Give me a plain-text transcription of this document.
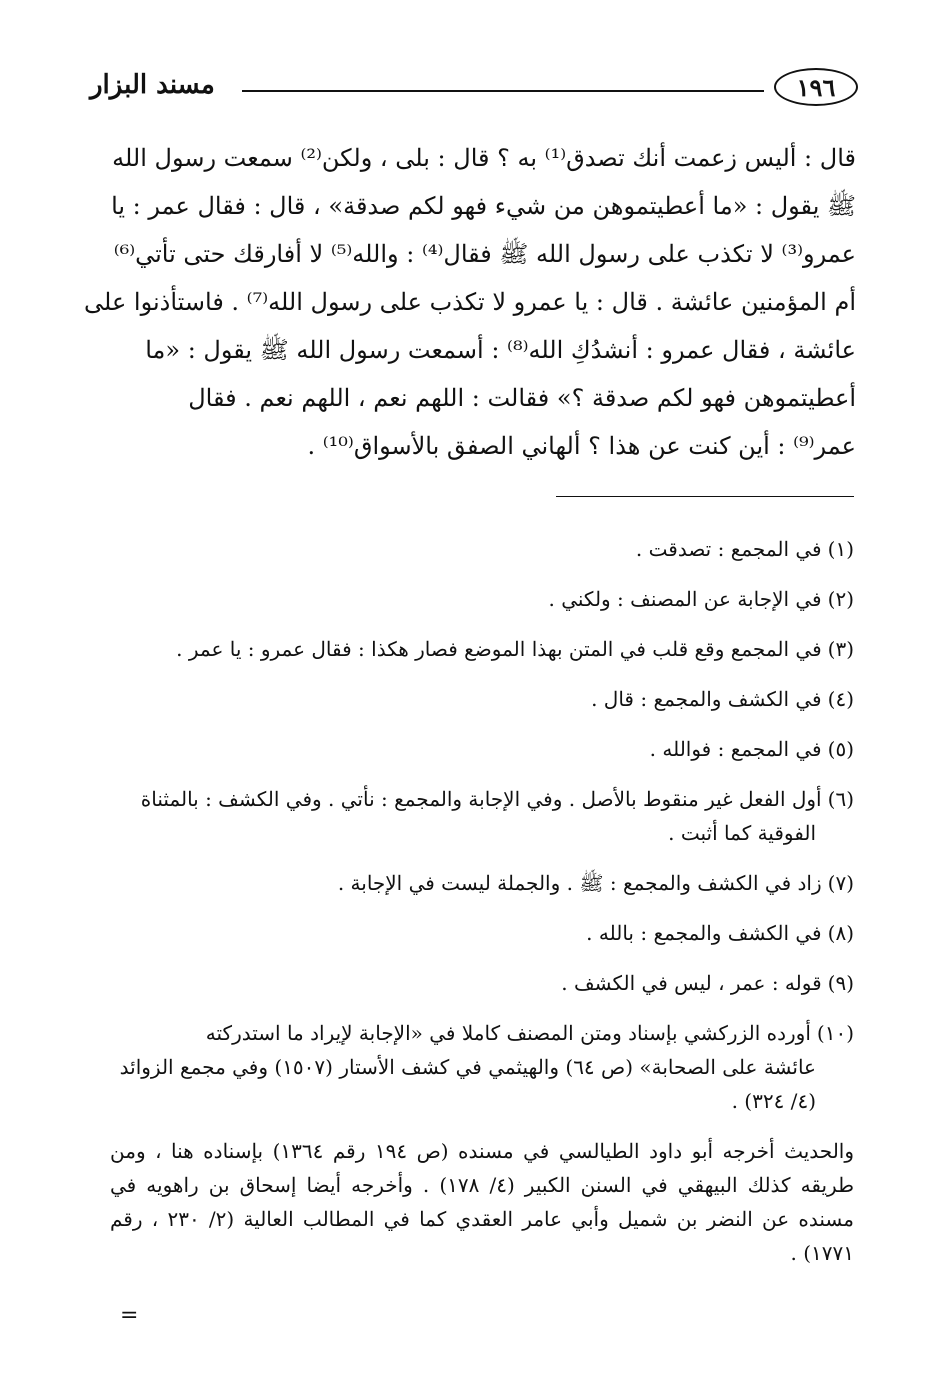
مسند البزار	١٩٦
قال : أليس زعمت أنك تصدق⁽¹⁾ به ؟ قال : بلى ، ولكن⁽²⁾ سمعت رسول الله
ﷺ يقول : «ما أعطيتموهن من شيء فهو لكم صدقة» ، قال : فقال عمر : يا
عمرو⁽³⁾ لا تكذب على رسول الله ﷺ فقال⁽⁴⁾ : والله⁽⁵⁾ لا أفارقك حتى تأتي⁽⁶⁾
أم المؤمنين عائشة . قال : يا عمرو لا تكذب على رسول الله⁽⁷⁾ . فاستأذنوا على
عائشة ، فقال عمرو : أنشدُكِ الله⁽⁸⁾ : أسمعت رسول الله ﷺ يقول : «ما
أعطيتموهن فهو لكم صدقة ؟» فقالت : اللهم نعم ، اللهم نعم . فقال
عمر⁽⁹⁾ : أين كنت عن هذا ؟ ألهاني الصفق بالأسواق⁽¹⁰⁾ .
(١)في المجمع : تصدقت .
(٢)في الإجابة عن المصنف : ولكني .
(٣)في المجمع وقع قلب في المتن بهذا الموضع فصار هكذا : فقال عمرو : يا عمر .
(٤)في الكشف والمجمع : قال .
(٥)في المجمع : فوالله .
(٦)أول الفعل غير منقوط بالأصل . وفي الإجابة والمجمع : نأتي . وفي الكشف : بالمثناة
الفوقية كما أثبت .
(٧)زاد في الكشف والمجمع : ﷺ . والجملة ليست في الإجابة .
(٨)في الكشف والمجمع : بالله .
(٩)قوله : عمر ، ليس في الكشف .
(١٠)أورده الزركشي بإسناد ومتن المصنف كاملا في «الإجابة لإيراد ما استدركته
عائشة على الصحابة» (ص ٦٤) والهيثمي في كشف الأستار (١٥٠٧) وفي مجمع الزوائد (٤/ ٣٢٤) .
والحديث أخرجه أبو داود الطيالسي في مسنده (ص ١٩٤ رقم ١٣٦٤) بإسناده هنا ، ومن طريقه كذلك البيهقي في السنن الكبير (٤/ ١٧٨) . وأخرجه أيضا إسحاق بن راهويه في مسنده عن النضر بن شميل وأبي عامر العقدي كما في المطالب العالية (٢/ ٢٣٠ ، رقم ١٧٧١) .
=
